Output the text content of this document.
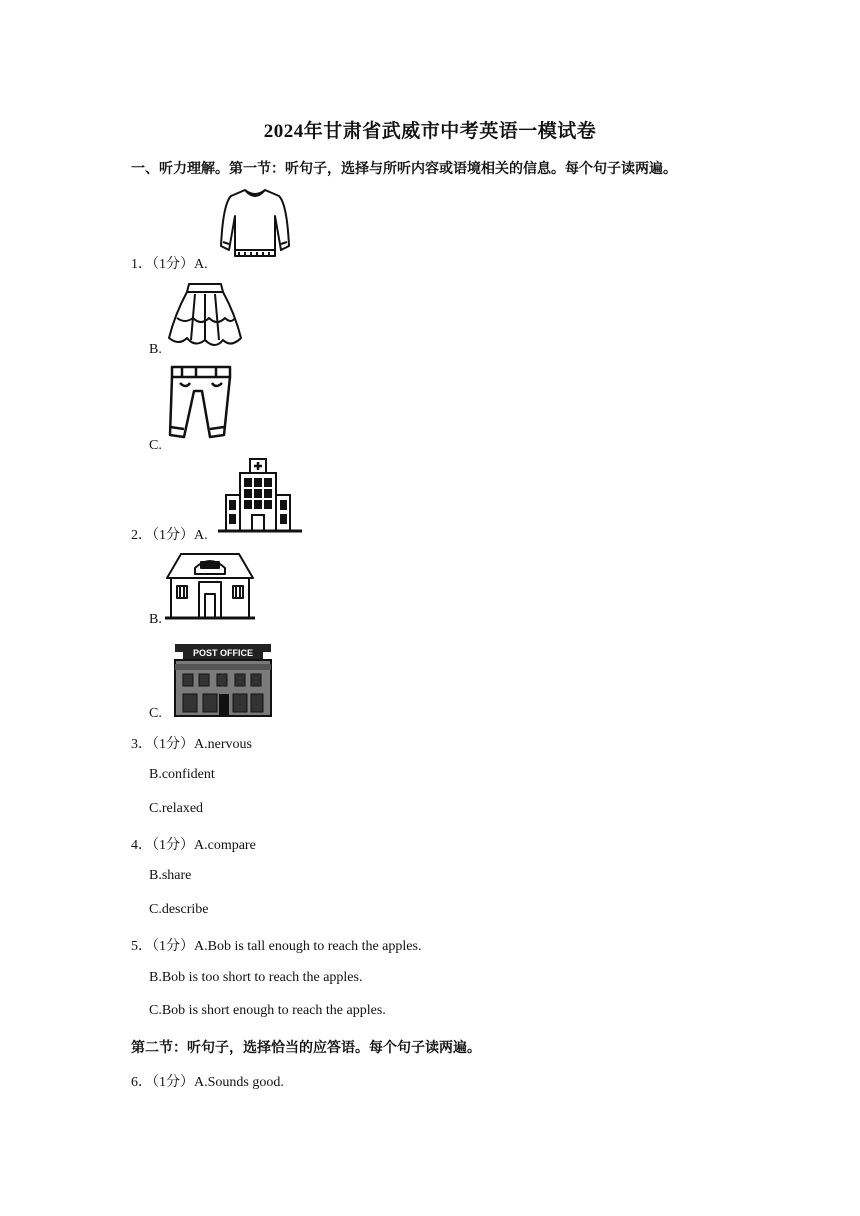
2024年甘肃省武威市中考英语一模试卷
一、听力理解。第一节：听句子，选择与所听内容或语境相关的信息。每个句子读两遍。
1．（1分）A.
B.
C.
2．（1分）A.
B.
C.
POST OFFICE
3．（1分）A.nervous
B.confident
C.relaxed
4．（1分）A.compare
B.share
C.describe
5．（1分）A.Bob is tall enough to reach the apples.
B.Bob is too short to reach the apples.
C.Bob is short enough to reach the apples.
第二节：听句子，选择恰当的应答语。每个句子读两遍。
6．（1分）A.Sounds good.
